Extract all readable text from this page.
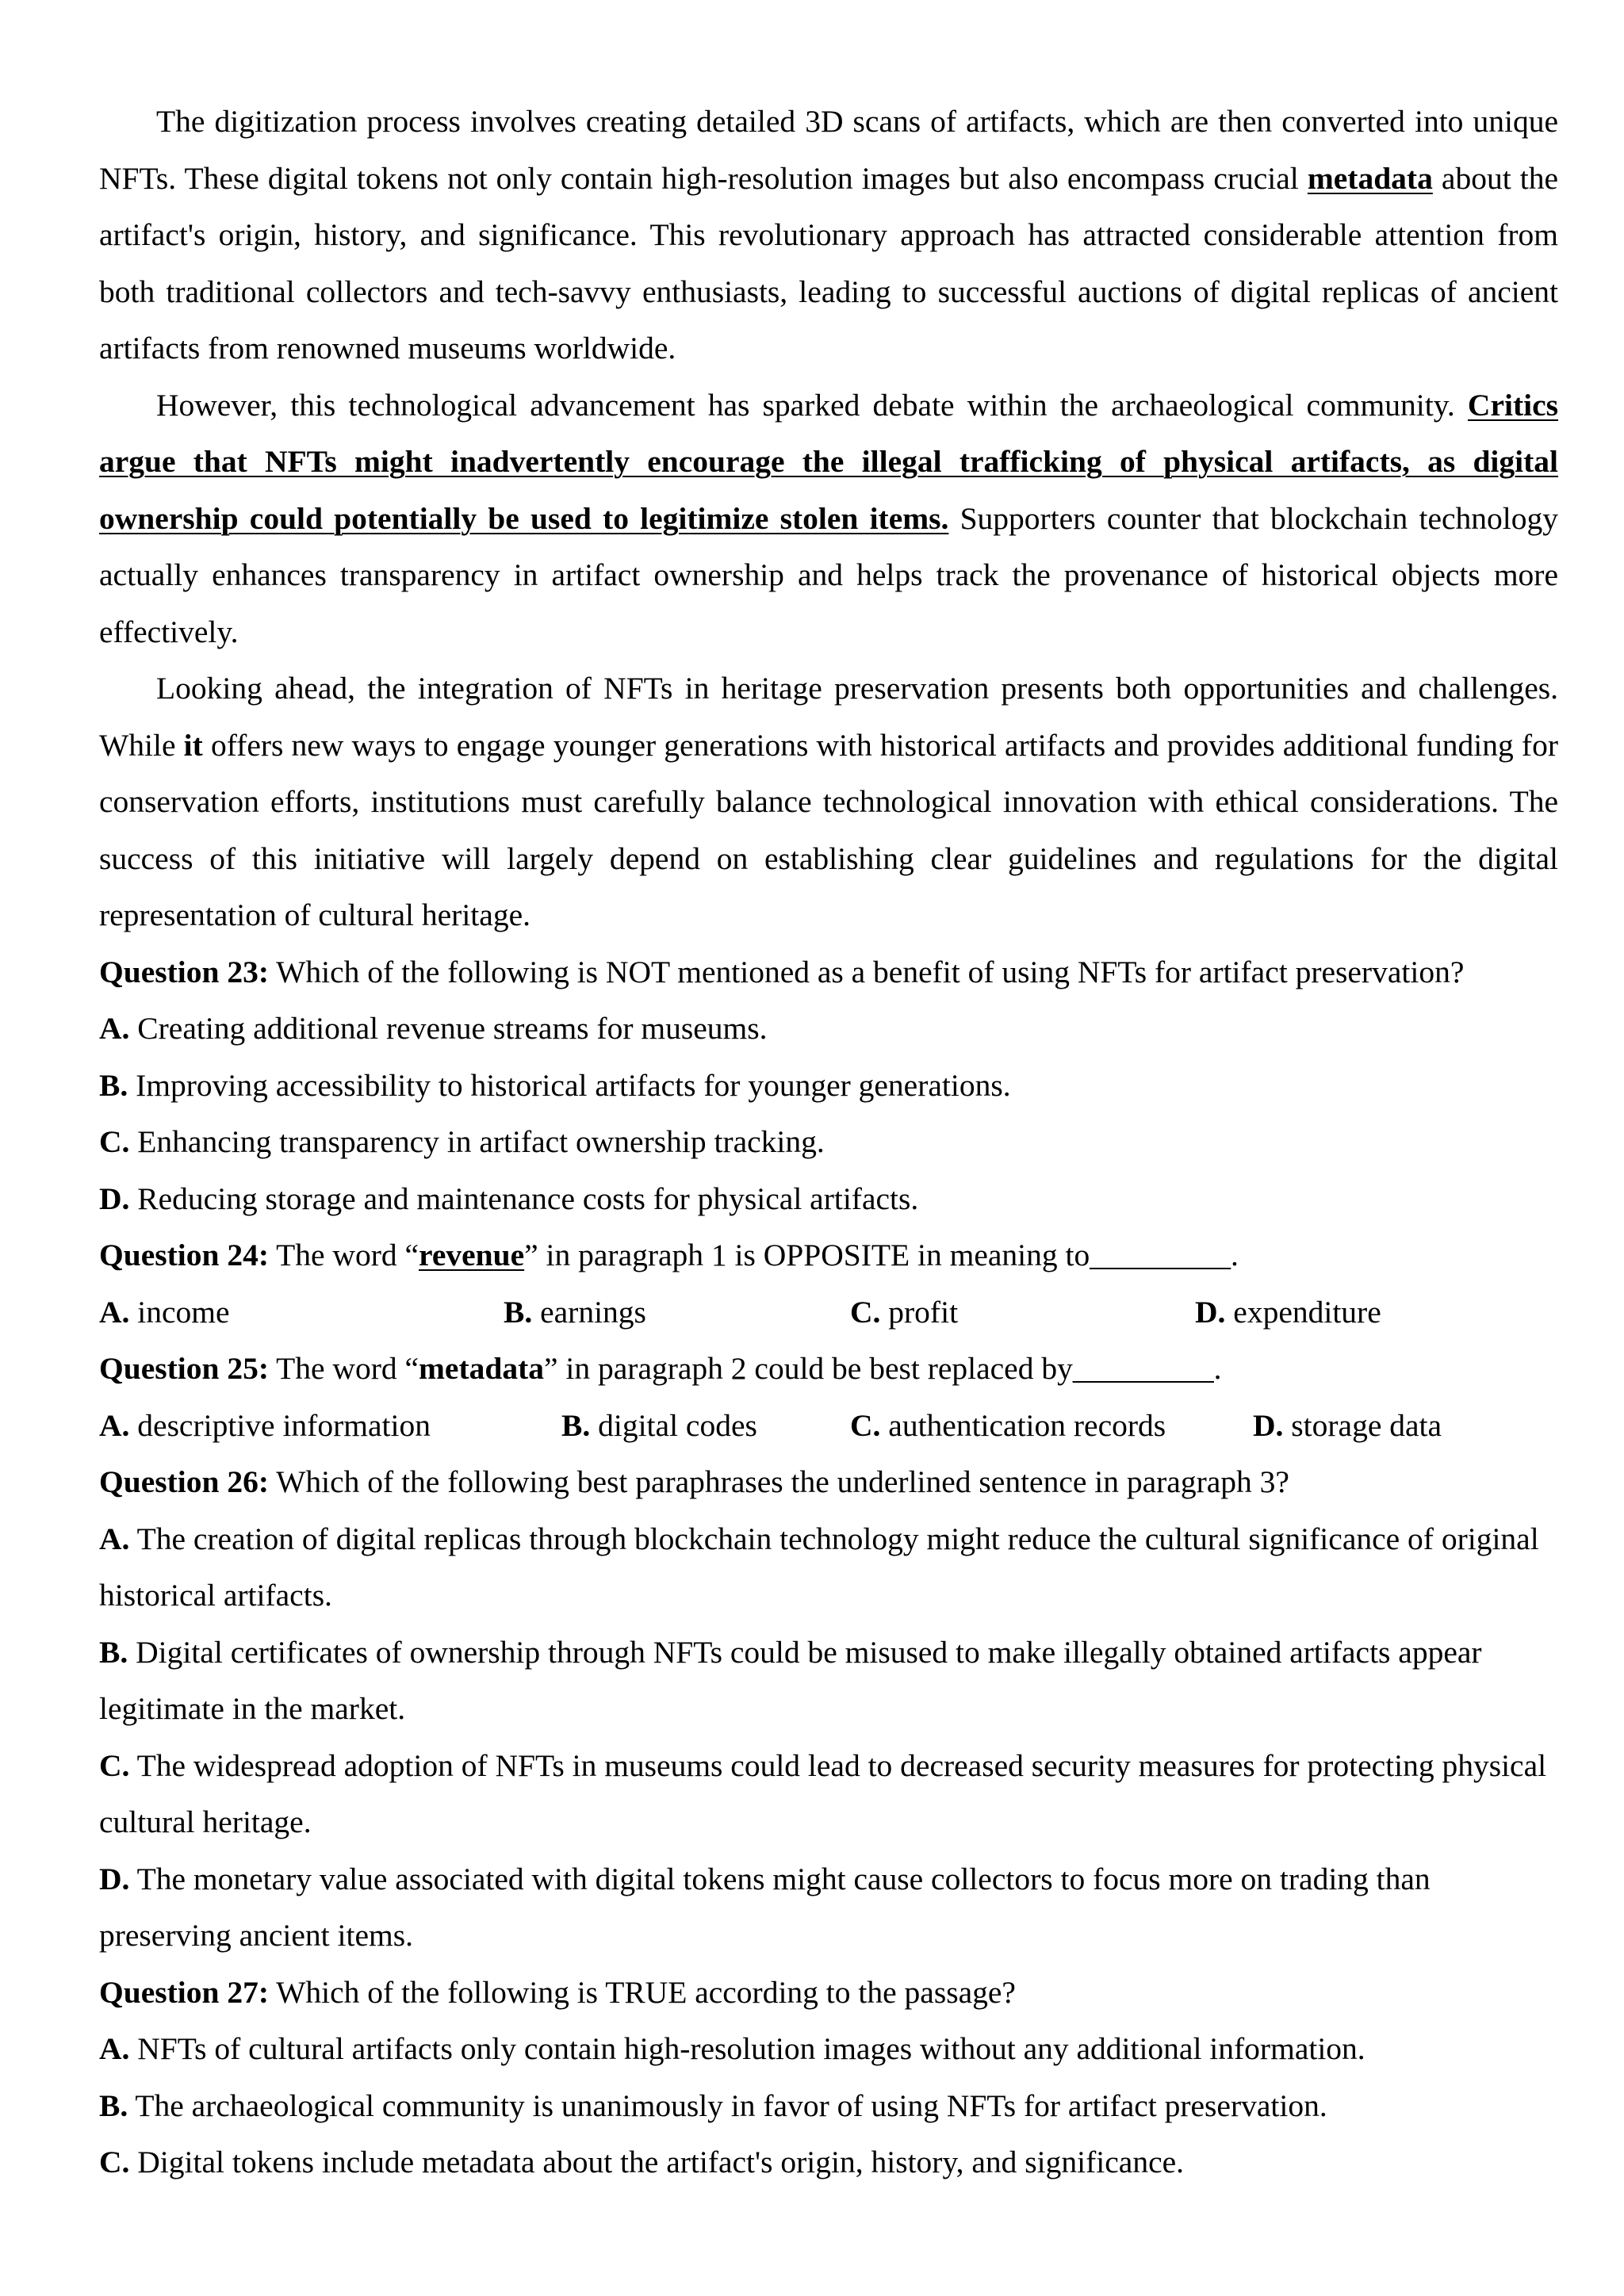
The digitization process involves creating detailed 3D scans of artifacts, which are then converted into unique NFTs. These digital tokens not only contain high-resolution images but also encompass crucial metadata about the artifact's origin, history, and significance. This revolutionary approach has attracted considerable attention from both traditional collectors and tech-savvy enthusiasts, leading to successful auctions of digital replicas of ancient artifacts from renowned museums worldwide.

However, this technological advancement has sparked debate within the archaeological community. Critics argue that NFTs might inadvertently encourage the illegal trafficking of physical artifacts, as digital ownership could potentially be used to legitimize stolen items. Supporters counter that blockchain technology actually enhances transparency in artifact ownership and helps track the provenance of historical objects more effectively.

Looking ahead, the integration of NFTs in heritage preservation presents both opportunities and challenges. While it offers new ways to engage younger generations with historical artifacts and provides additional funding for conservation efforts, institutions must carefully balance technological innovation with ethical considerations. The success of this initiative will largely depend on establishing clear guidelines and regulations for the digital representation of cultural heritage.

Question 23: Which of the following is NOT mentioned as a benefit of using NFTs for artifact preservation?

A. Creating additional revenue streams for museums.

B. Improving accessibility to historical artifacts for younger generations.

C. Enhancing transparency in artifact ownership tracking.

D. Reducing storage and maintenance costs for physical artifacts.

Question 24: The word “revenue” in paragraph 1 is OPPOSITE in meaning to_________.

A. income	B. earnings	C. profit	D. expenditure

Question 25: The word “metadata” in paragraph 2 could be best replaced by_________.

A. descriptive information	B. digital codes	C. authentication records	D. storage data

Question 26: Which of the following best paraphrases the underlined sentence in paragraph 3?

A. The creation of digital replicas through blockchain technology might reduce the cultural significance of original historical artifacts.

B. Digital certificates of ownership through NFTs could be misused to make illegally obtained artifacts appear legitimate in the market.

C. The widespread adoption of NFTs in museums could lead to decreased security measures for protecting physical cultural heritage.

D. The monetary value associated with digital tokens might cause collectors to focus more on trading than preserving ancient items.

Question 27: Which of the following is TRUE according to the passage?

A. NFTs of cultural artifacts only contain high-resolution images without any additional information.

B. The archaeological community is unanimously in favor of using NFTs for artifact preservation.

C. Digital tokens include metadata about the artifact's origin, history, and significance.
